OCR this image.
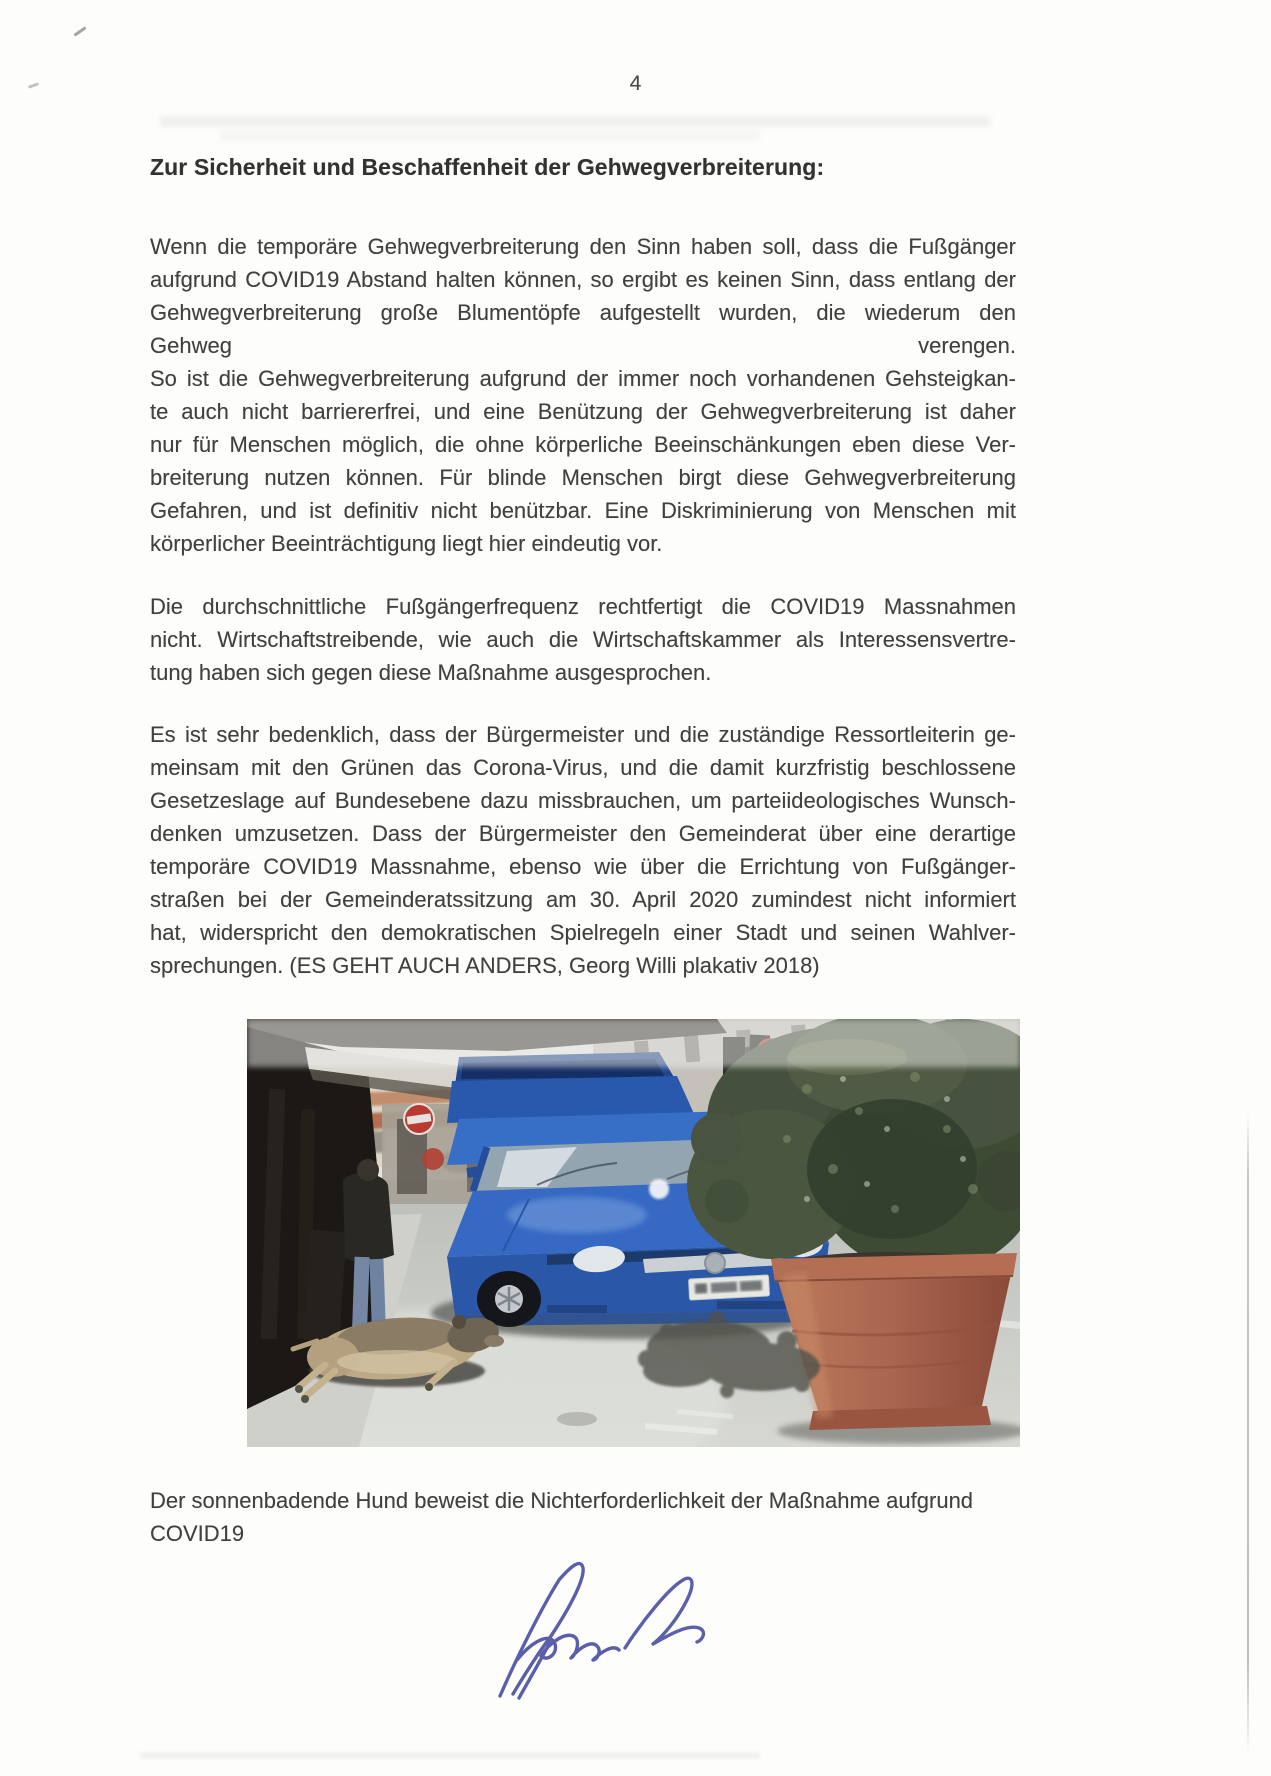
4
Zur Sicherheit und Beschaffenheit der Gehwegverbreiterung:
Wenn die temporäre Gehwegverbreiterung den Sinn haben soll, dass die Fußgänger
aufgrund COVID19 Abstand halten können, so ergibt es keinen Sinn, dass entlang der
Gehwegverbreiterung große Blumentöpfe aufgestellt wurden, die wiederum den
Gehweg verengen.
So ist die Gehwegverbreiterung aufgrund der immer noch vorhandenen Gehsteigkan-
te auch nicht barriererfrei, und eine Benützung der Gehwegverbreiterung ist daher
nur für Menschen möglich, die ohne körperliche Beeinschänkungen eben diese Ver-
breiterung nutzen können. Für blinde Menschen birgt diese Gehwegverbreiterung
Gefahren, und ist definitiv nicht benützbar. Eine Diskriminierung von Menschen mit
körperlicher Beeinträchtigung liegt hier eindeutig vor.
Die durchschnittliche Fußgängerfrequenz rechtfertigt die COVID19 Massnahmen
nicht. Wirtschaftstreibende, wie auch die Wirtschaftskammer als Interessensvertre-
tung haben sich gegen diese Maßnahme ausgesprochen.
Es ist sehr bedenklich, dass der Bürgermeister und die zuständige Ressortleiterin ge-
meinsam mit den Grünen das Corona-Virus, und die damit kurzfristig beschlossene
Gesetzeslage auf Bundesebene dazu missbrauchen, um parteiideologisches Wunsch-
denken umzusetzen. Dass der Bürgermeister den Gemeinderat über eine derartige
temporäre COVID19 Massnahme, ebenso wie über die Errichtung von Fußgänger-
straßen bei der Gemeinderatssitzung am 30. April 2020 zumindest nicht informiert
hat, widerspricht den demokratischen Spielregeln einer Stadt und seinen Wahlver-
sprechungen. (ES GEHT AUCH ANDERS, Georg Willi plakativ 2018)
Der sonnenbadende Hund beweist die Nichterforderlichkeit der Maßnahme aufgrund
COVID19
